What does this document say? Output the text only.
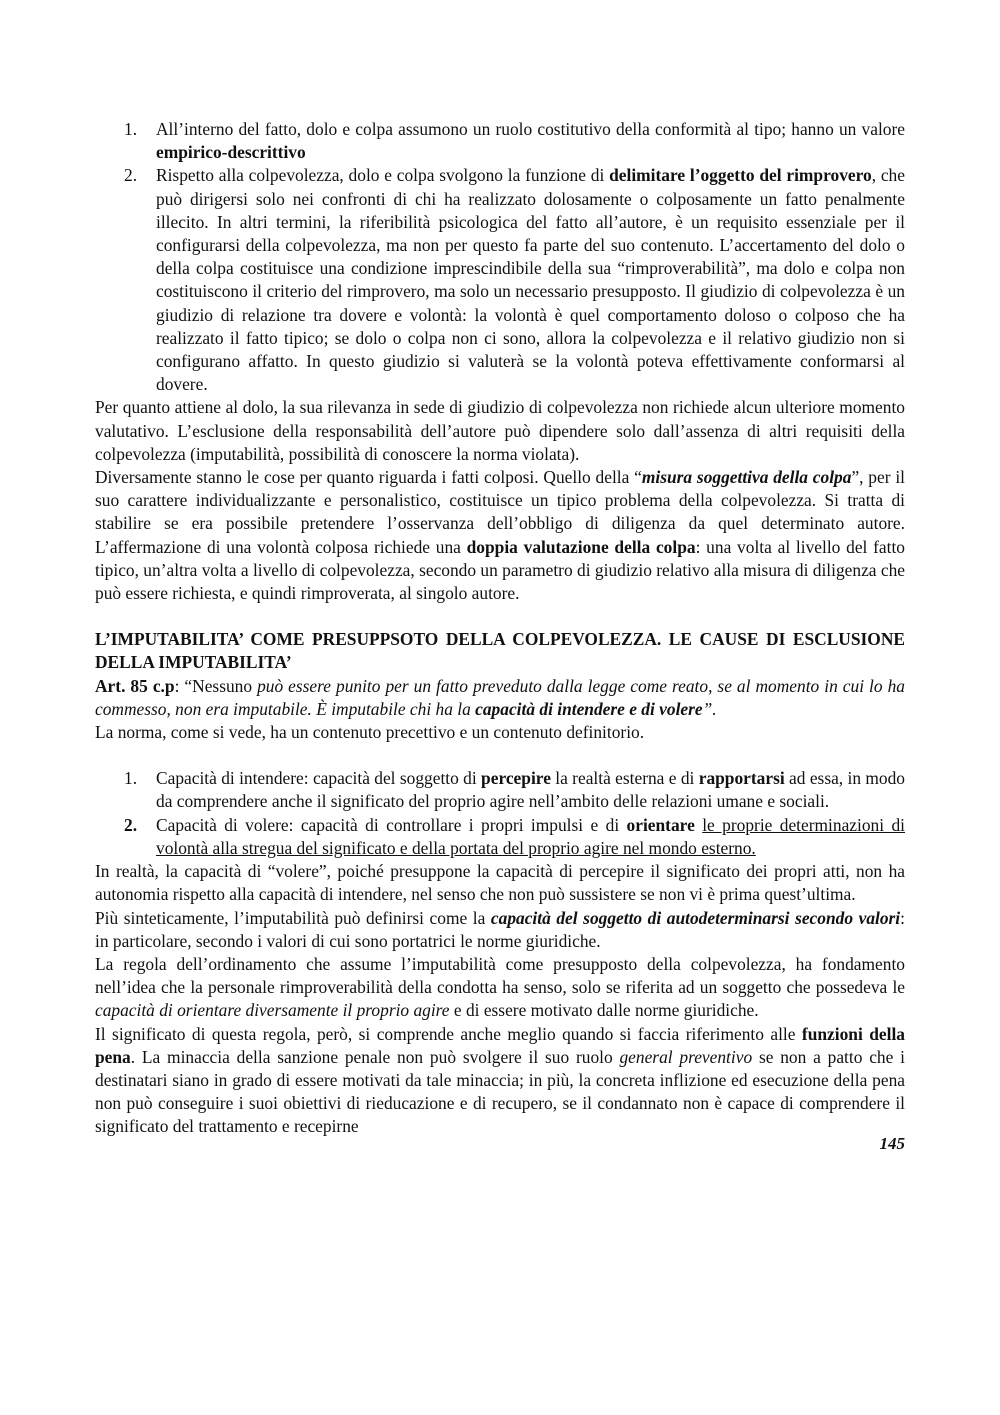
1. All’interno del fatto, dolo e colpa assumono un ruolo costitutivo della conformità al tipo; hanno un valore empirico-descrittivo
2. Rispetto alla colpevolezza, dolo e colpa svolgono la funzione di delimitare l’oggetto del rimprovero, che può dirigersi solo nei confronti di chi ha realizzato dolosamente o colposamente un fatto penalmente illecito. In altri termini, la riferibilità psicologica del fatto all’autore, è un requisito essenziale per il configurarsi della colpevolezza, ma non per questo fa parte del suo contenuto. L’accertamento del dolo o della colpa costituisce una condizione imprescindibile della sua “rimproverabilità”, ma dolo e colpa non costituiscono il criterio del rimprovero, ma solo un necessario presupposto. Il giudizio di colpevolezza è un giudizio di relazione tra dovere e volontà: la volontà è quel comportamento doloso o colposo che ha realizzato il fatto tipico; se dolo o colpa non ci sono, allora la colpevolezza e il relativo giudizio non si configurano affatto. In questo giudizio si valuterà se la volontà poteva effettivamente conformarsi al dovere.

Per quanto attiene al dolo, la sua rilevanza in sede di giudizio di colpevolezza non richiede alcun ulteriore momento valutativo. L’esclusione della responsabilità dell’autore può dipendere solo dall’assenza di altri requisiti della colpevolezza (imputabilità, possibilità di conoscere la norma violata).

Diversamente stanno le cose per quanto riguarda i fatti colposi. Quello della “misura soggettiva della colpa”, per il suo carattere individualizzante e personalistico, costituisce un tipico problema della colpevolezza. Si tratta di stabilire se era possibile pretendere l’osservanza dell’obbligo di diligenza da quel determinato autore. L’affermazione di una volontà colposa richiede una doppia valutazione della colpa: una volta al livello del fatto tipico, un’altra volta a livello di colpevolezza, secondo un parametro di giudizio relativo alla misura di diligenza che può essere richiesta, e quindi rimproverata, al singolo autore.

L’IMPUTABILITA’ COME PRESUPPSOTO DELLA COLPEVOLEZZA. LE CAUSE DI ESCLUSIONE DELLA IMPUTABILITA’

Art. 85 c.p: “Nessuno può essere punito per un fatto preveduto dalla legge come reato, se al momento in cui lo ha commesso, non era imputabile. È imputabile chi ha la capacità di intendere e di volere”.

La norma, come si vede, ha un contenuto precettivo e un contenuto definitorio.

1. Capacità di intendere: capacità del soggetto di percepire la realtà esterna e di rapportarsi ad essa, in modo da comprendere anche il significato del proprio agire nell’ambito delle relazioni umane e sociali.
2. Capacità di volere: capacità di controllare i propri impulsi e di orientare le proprie determinazioni di volontà alla stregua del significato e della portata del proprio agire nel mondo esterno.

In realtà, la capacità di “volere”, poiché presuppone la capacità di percepire il significato dei propri atti, non ha autonomia rispetto alla capacità di intendere, nel senso che non può sussistere se non vi è prima quest’ultima.

Più sinteticamente, l’imputabilità può definirsi come la capacità del soggetto di autodeterminarsi secondo valori: in particolare, secondo i valori di cui sono portatrici le norme giuridiche.

La regola dell’ordinamento che assume l’imputabilità come presupposto della colpevolezza, ha fondamento nell’idea che la personale rimproverabilità della condotta ha senso, solo se riferita ad un soggetto che possedeva le capacità di orientare diversamente il proprio agire e di essere motivato dalle norme giuridiche.

Il significato di questa regola, però, si comprende anche meglio quando si faccia riferimento alle funzioni della pena. La minaccia della sanzione penale non può svolgere il suo ruolo general preventivo se non a patto che i destinatari siano in grado di essere motivati da tale minaccia; in più, la concreta inflizione ed esecuzione della pena non può conseguire i suoi obiettivi di rieducazione e di recupero, se il condannato non è capace di comprendere il significato del trattamento e recepirne

145
